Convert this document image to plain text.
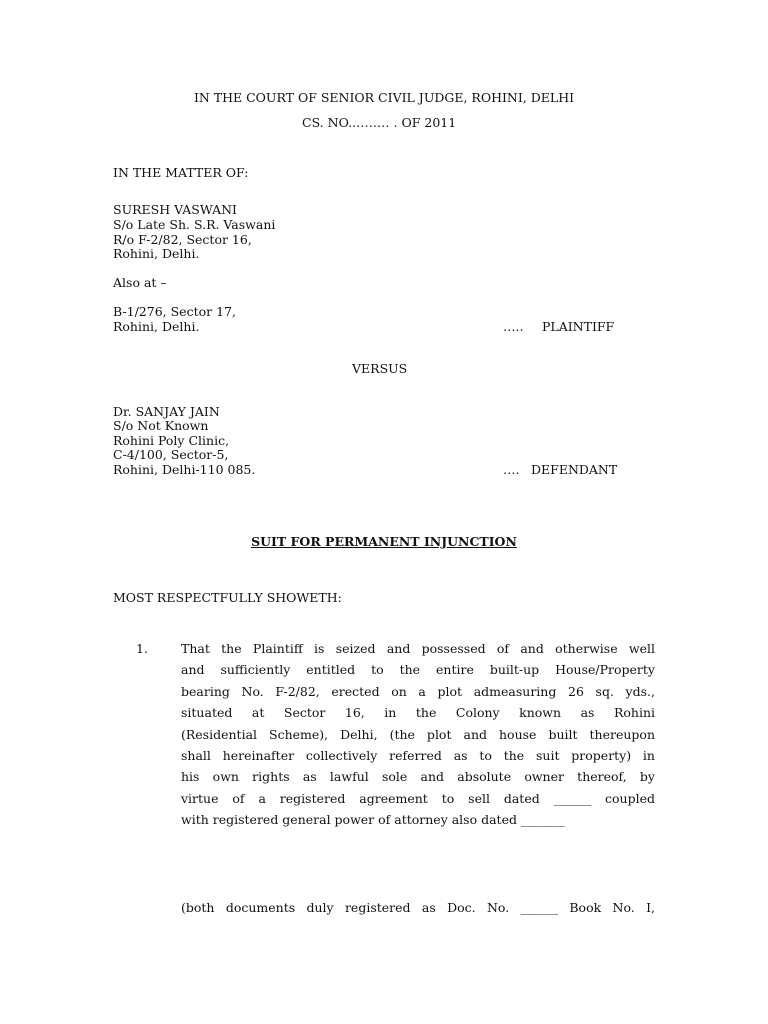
IN THE COURT OF SENIOR CIVIL JUDGE, ROHINI, DELHI
CS. NO.……… . OF 2011
IN THE MATTER OF:
SURESH VASWANI
S/o Late Sh. S.R. Vaswani
R/o F-2/82, Sector 16,
Rohini, Delhi.
Also at –
B-1/276, Sector 17,
Rohini, Delhi.	….. PLAINTIFF
VERSUS
Dr. SANJAY JAIN
S/o Not Known
Rohini Poly Clinic,
C-4/100, Sector-5,
Rohini, Delhi-110 085.	…. DEFENDANT
SUIT FOR PERMANENT INJUNCTION
MOST RESPECTFULLY SHOWETH:
1.	That the Plaintiff is seized and possessed of and otherwise well
and sufficiently entitled to the entire built-up House/Property
bearing No. F-2/82, erected on a plot admeasuring 26 sq. yds.,
situated at Sector 16, in the Colony known as Rohini
(Residential Scheme), Delhi, (the plot and house built thereupon
shall hereinafter collectively referred as to the suit property) in
his own rights as lawful sole and absolute owner thereof, by
virtue of a registered agreement to sell dated ______ coupled
with registered general power of attorney also dated _______
(both documents duly registered as Doc. No. ______ Book No. I,
